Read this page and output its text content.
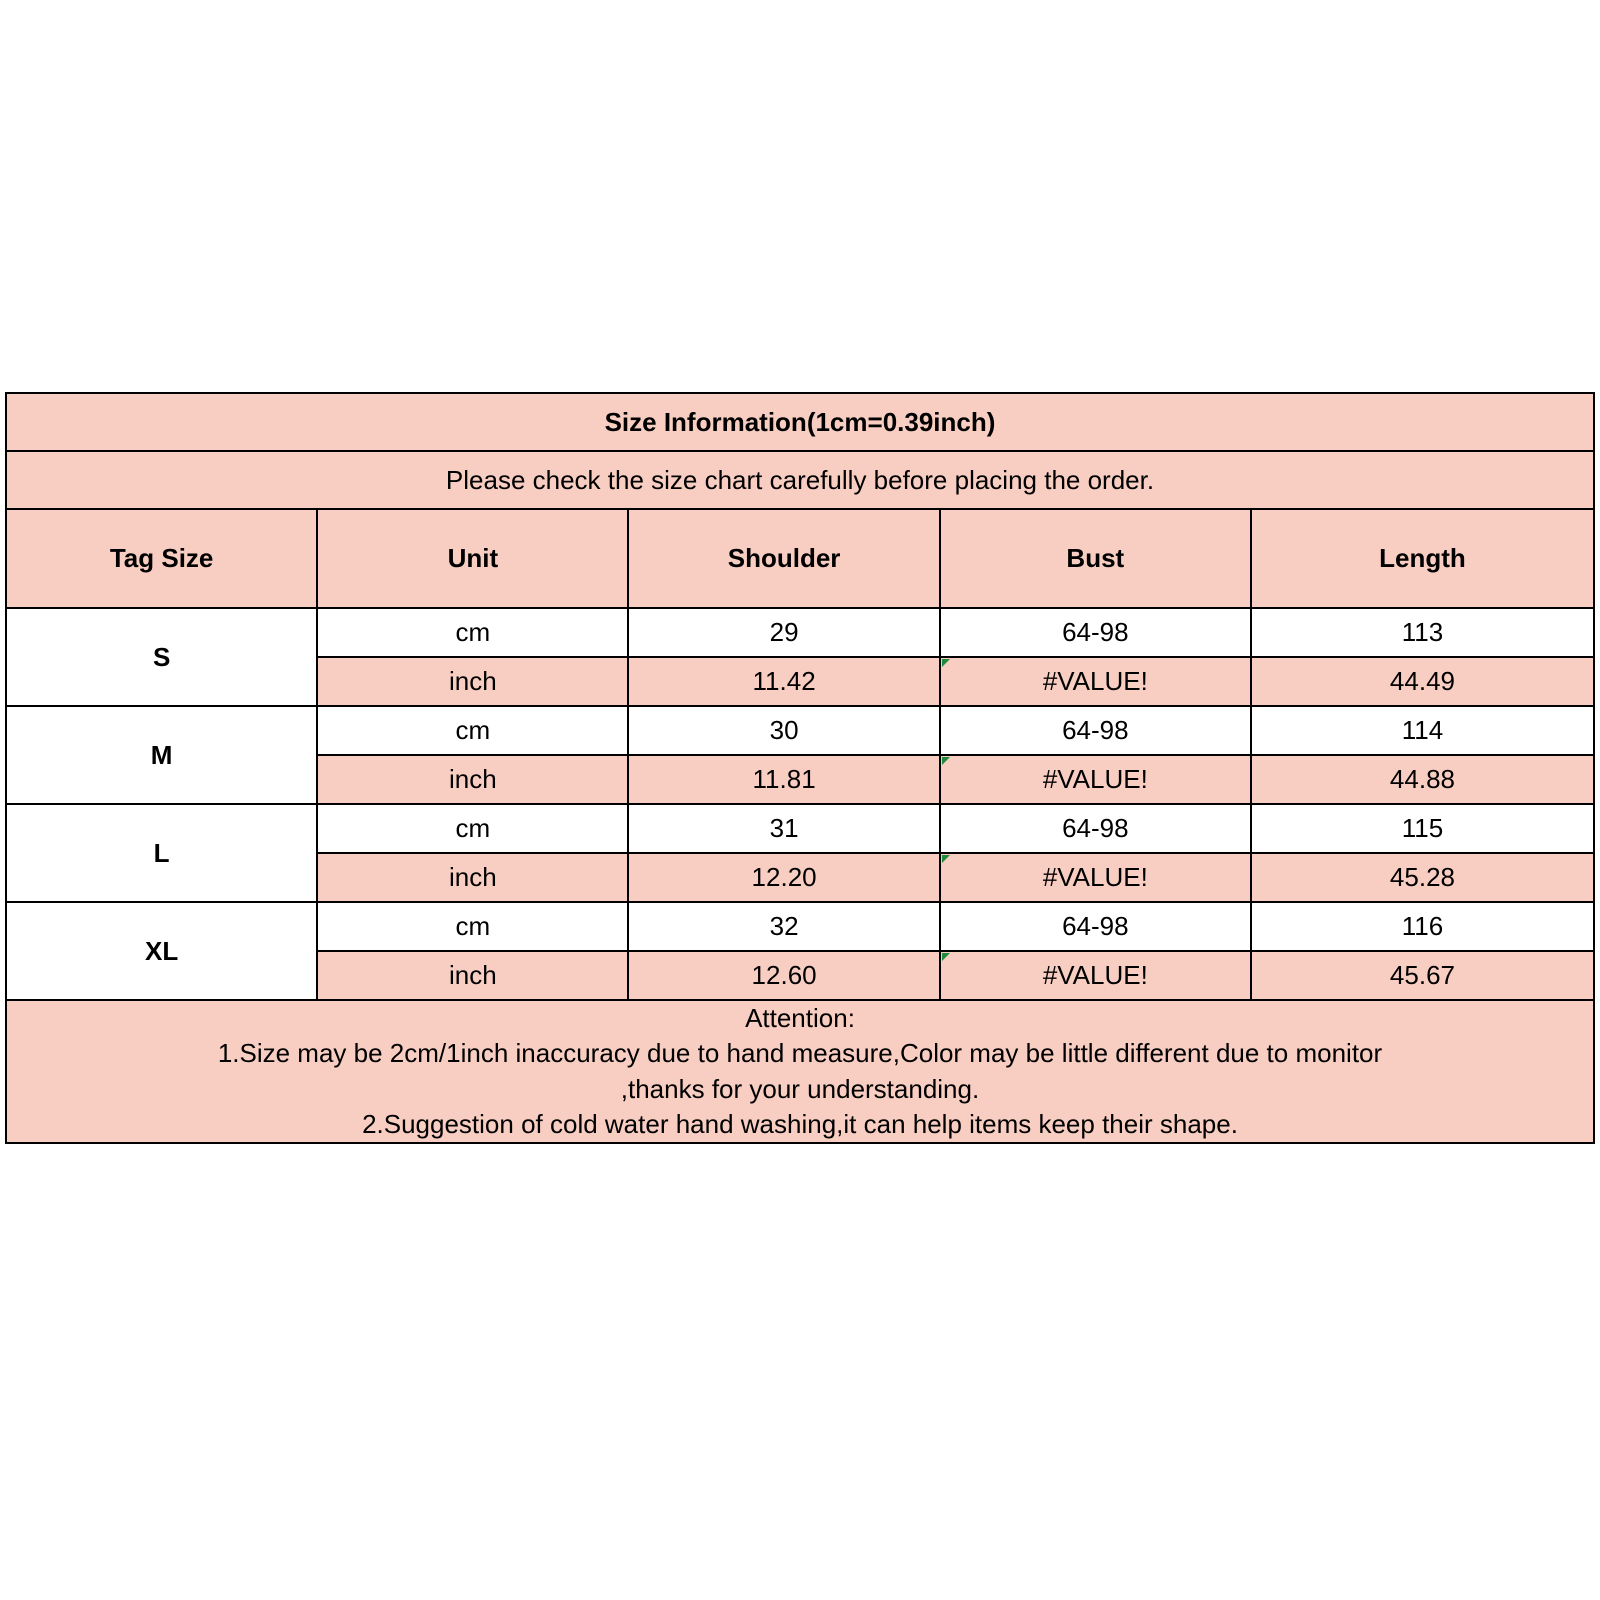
Size Information(1cm=0.39inch)				
Please check the size chart carefully before placing the order.				
Tag Size	Unit	Shoulder	Bust	Length
S	cm	29	64-98	113
	inch	11.42	#VALUE!	44.49
M	cm	30	64-98	114
	inch	11.81	#VALUE!	44.88
L	cm	31	64-98	115
	inch	12.20	#VALUE!	45.28
XL	cm	32	64-98	116
	inch	12.60	#VALUE!	45.67

Attention:
1.Size may be 2cm/1inch inaccuracy due to hand measure,Color may be little different due to monitor
,thanks for your understanding.
2.Suggestion of cold water hand washing,it can help items keep their shape.				
